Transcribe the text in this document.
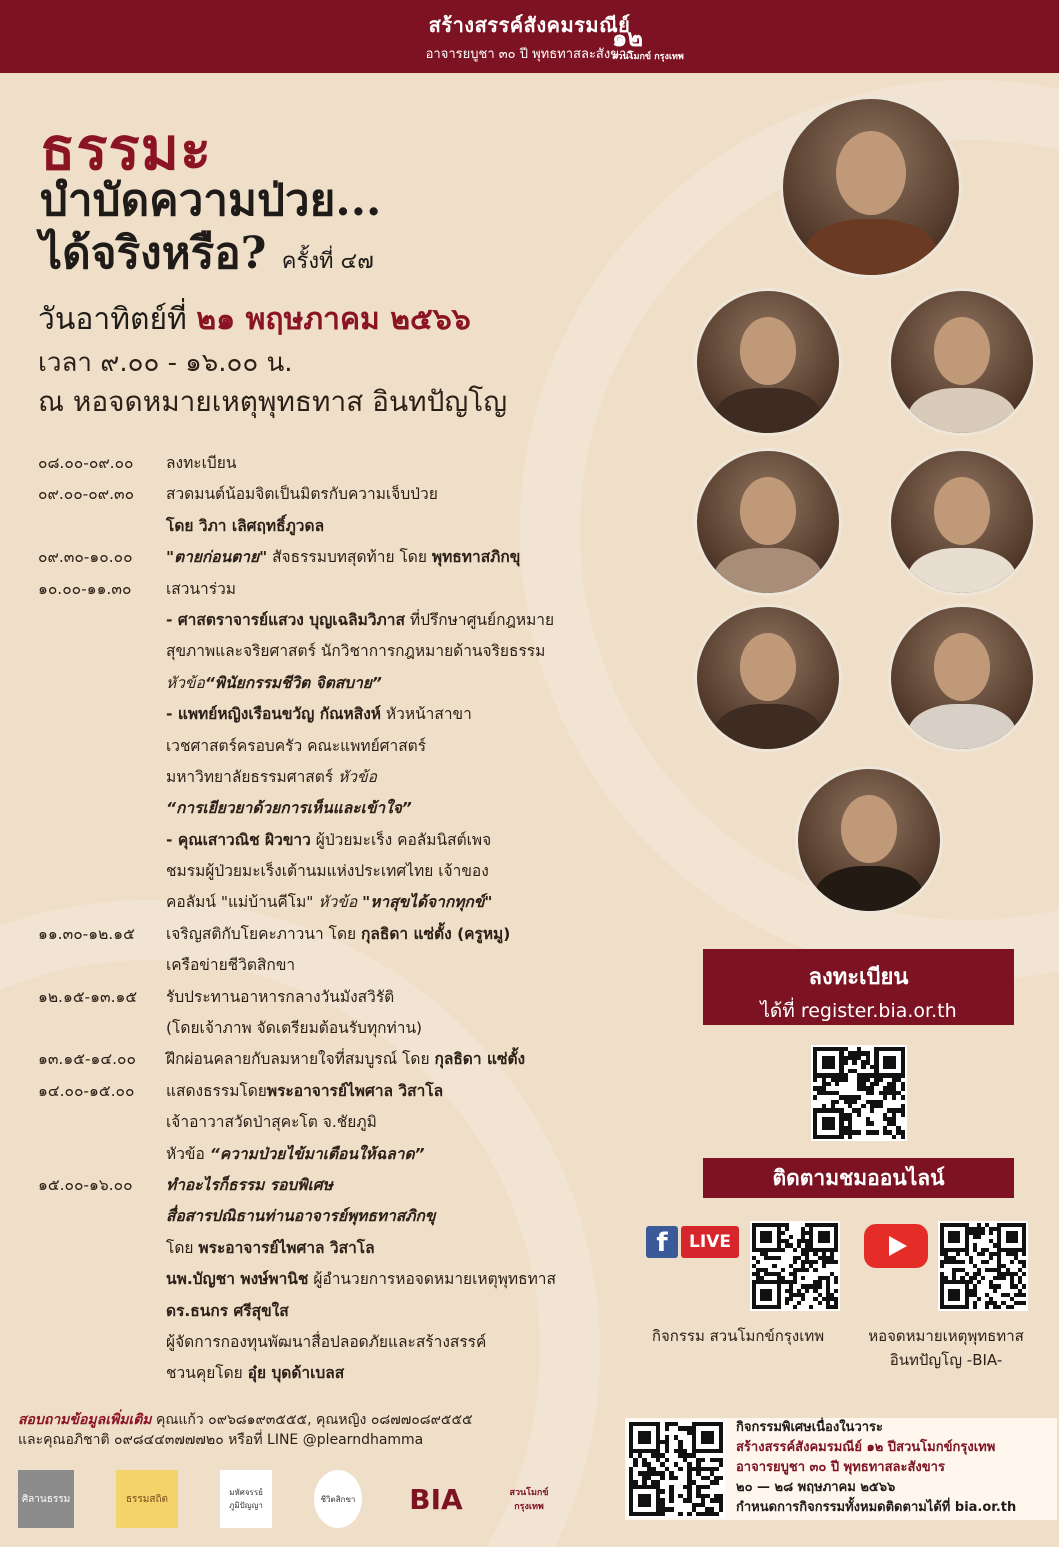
สร้างสรรค์สังคมรมณีย์
อาจารยบูชา ๓๐ ปี พุทธทาสละสังขาร
๑๒
สวนโมกข์ กรุงเทพ
ธรรมะ
บำบัดความป่วย...
ได้จริงหรือ? ครั้งที่ ๔๗
วันอาทิตย์ที่ ๒๑ พฤษภาคม ๒๕๖๖
เวลา ๙.๐๐ - ๑๖.๐๐ น.
ณ หอจดหมายเหตุพุทธทาส อินทปัญโญ
๐๘.๐๐-๐๙.๐๐	ลงทะเบียน
๐๙.๐๐-๐๙.๓๐	สวดมนต์น้อมจิตเป็นมิตรกับความเจ็บป่วย
โดย วิภา เลิศฤทธิ์ภูวดล
๐๙.๓๐-๑๐.๐๐	"ตายก่อนตาย" สัจธรรมบทสุดท้าย โดย พุทธทาสภิกขุ
๑๐.๐๐-๑๑.๓๐	เสวนาร่วม
- ศาสตราจารย์แสวง บุญเฉลิมวิภาส ที่ปรึกษาศูนย์กฎหมาย
สุขภาพและจริยศาสตร์ นักวิชาการกฎหมายด้านจริยธรรม
หัวข้อ“พินัยกรรมชีวิต จิตสบาย”
- แพทย์หญิงเรือนขวัญ กัณหสิงห์ หัวหน้าสาขา
เวชศาสตร์ครอบครัว คณะแพทย์ศาสตร์
มหาวิทยาลัยธรรมศาสตร์ หัวข้อ
“การเยียวยาด้วยการเห็นและเข้าใจ”
- คุณเสาวณิช ผิวขาว ผู้ป่วยมะเร็ง คอลัมนิสต์เพจ
ชมรมผู้ป่วยมะเร็งเต้านมแห่งประเทศไทย เจ้าของ
คอลัมน์ "แม่บ้านคีโม" หัวข้อ "หาสุขได้จากทุกข์"
๑๑.๓๐-๑๒.๑๕	เจริญสติกับโยคะภาวนา โดย กุลธิดา แซ่ตั้ง (ครูหมู)
เครือข่ายชีวิตสิกขา
๑๒.๑๕-๑๓.๑๕	รับประทานอาหารกลางวันมังสวิรัติ
(โดยเจ้าภาพ จัดเตรียมต้อนรับทุกท่าน)
๑๓.๑๕-๑๔.๐๐	ฝึกผ่อนคลายกับลมหายใจที่สมบูรณ์ โดย กุลธิดา แซ่ตั้ง
๑๔.๐๐-๑๕.๐๐	แสดงธรรมโดยพระอาจารย์ไพศาล วิสาโล
เจ้าอาวาสวัดป่าสุคะโต จ.ชัยภูมิ
หัวข้อ “ความป่วยไข้มาเตือนให้ฉลาด”
๑๕.๐๐-๑๖.๐๐	ทำอะไรก็ธรรม รอบพิเศษ
สื่อสารปณิธานท่านอาจารย์พุทธทาสภิกขุ
โดย พระอาจารย์ไพศาล วิสาโล
นพ.บัญชา พงษ์พานิช ผู้อำนวยการหอจดหมายเหตุพุทธทาส
ดร.ธนกร ศรีสุขใส
ผู้จัดการกองทุนพัฒนาสื่อปลอดภัยและสร้างสรรค์
ชวนคุยโดย อุ๋ย บุดด้าเบลส
ลงทะเบียน
ได้ที่ register.bia.or.th
ติดตามชมออนไลน์
f	LIVE
กิจกรรม สวนโมกข์กรุงเทพ	หอจดหมายเหตุพุทธทาส
อินทปัญโญ -BIA-
สอบถามข้อมูลเพิ่มเติม คุณแก้ว ๐๙๖๘๑๙๓๕๕๕, คุณหญิง ๐๘๗๗๐๘๙๕๕๕
และคุณอภิชาติ ๐๙๘๔๔๓๗๗๗๒๐ หรือที่ LINE @plearndhamma
ศิลานธรรม	ธรรมสถิต
มหัศจรรย์ภูมิปัญญา
ชีวิตสิกขา BIA	สวนโมกข์ กรุงเทพ
กิจกรรมพิเศษเนื่องในวาระ
สร้างสรรค์สังคมรมณีย์ ๑๒ ปีสวนโมกข์กรุงเทพ
อาจารยบูชา ๓๐ ปี พุทธทาสละสังขาร
๒๐ — ๒๘ พฤษภาคม ๒๕๖๖
กำหนดการกิจกรรมทั้งหมดติดตามได้ที่ bia.or.th
